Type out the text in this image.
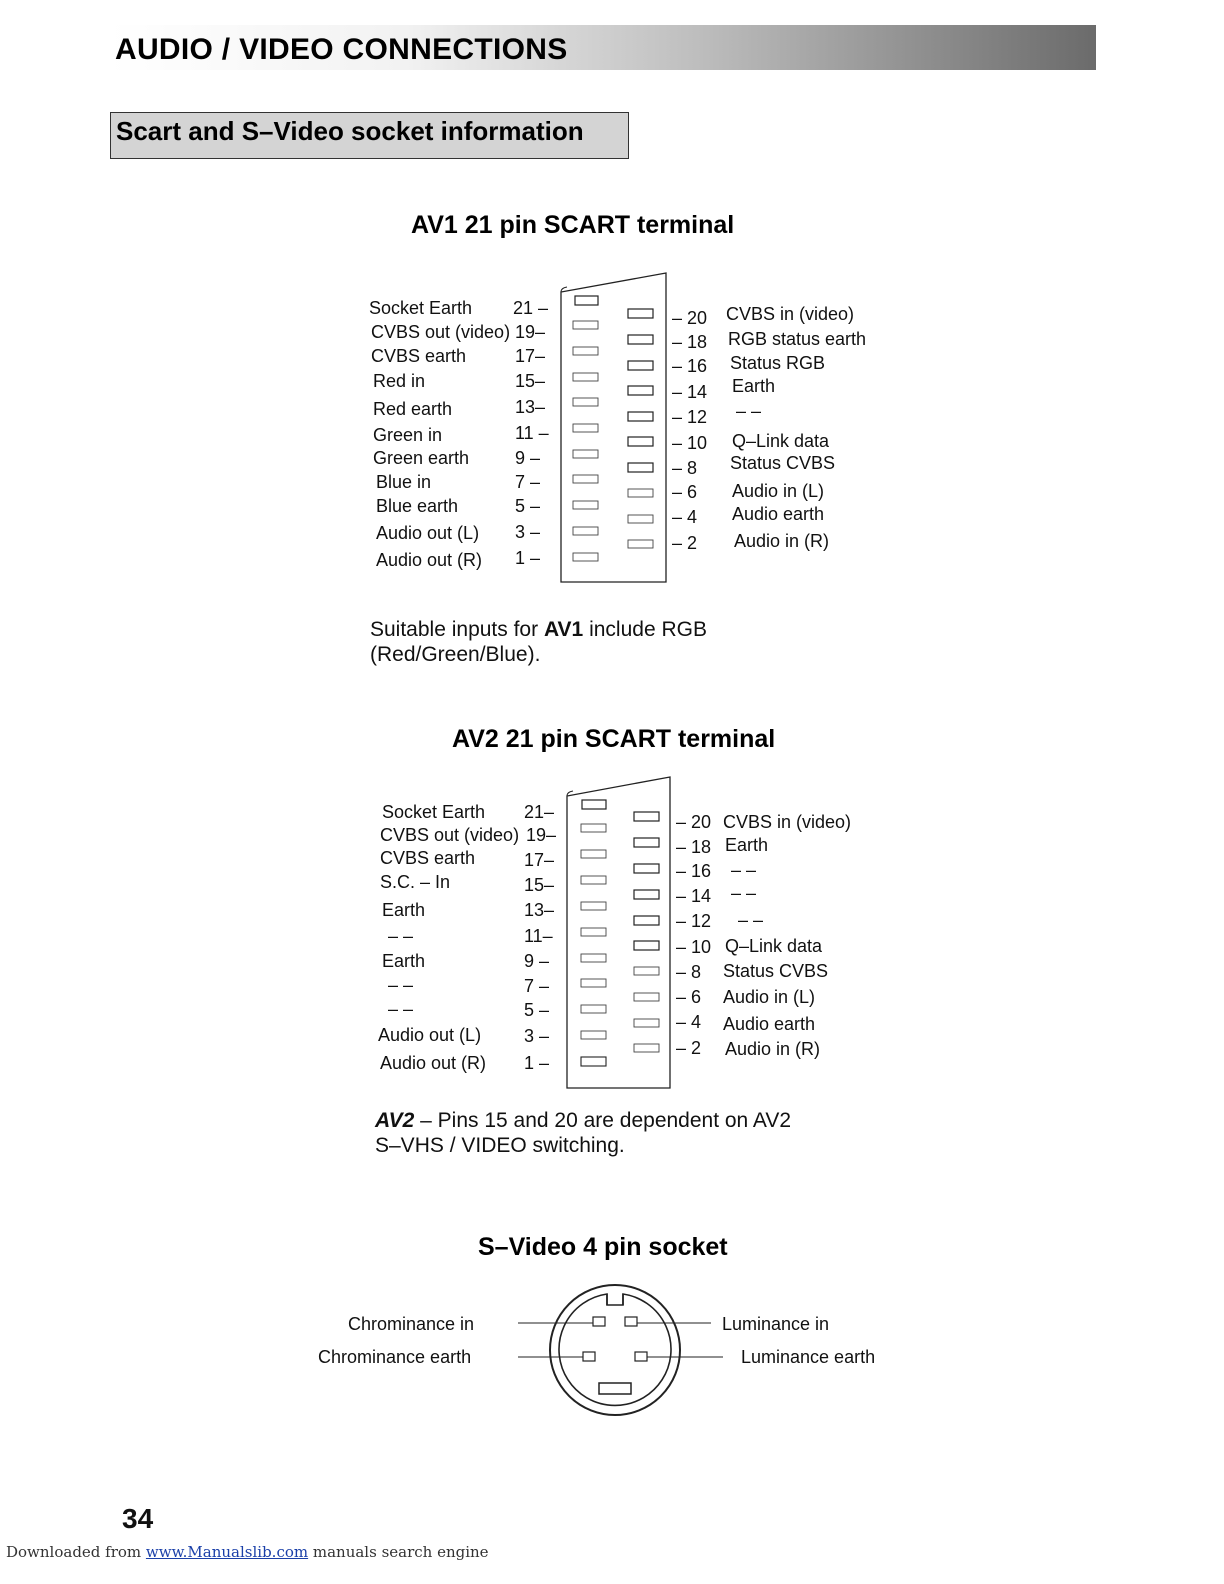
AUDIO / VIDEO CONNECTIONS
Scart and S–Video socket information
AV1 21 pin SCART terminal
Socket Earth
CVBS out (video)
CVBS earth
Red in
Red earth
Green in
Green earth
Blue in
Blue earth
Audio out (L)
Audio out (R)
21 –
19–
17–
15–
13–
11 –
9 –
7 –
5 –
3 –
1 –
– 20
– 18
– 16
– 14
– 12
– 10
– 8
– 6
– 4
– 2
CVBS in (video)
RGB status earth
Status RGB
Earth
– –
Q–Link data
Status CVBS
Audio in (L)
Audio earth
Audio in (R)
Suitable inputs for AV1 include RGB
(Red/Green/Blue).
AV2 21 pin SCART terminal
Socket Earth
CVBS out (video)
CVBS earth
S.C. – In
Earth
– –
Earth
– –
– –
Audio out (L)
Audio out (R)
21–
19–
17–
15–
13–
11–
9 –
7 –
5 –
3 –
1 –
– 20
– 18
– 16
– 14
– 12
– 10
– 8
– 6
– 4
– 2
CVBS in (video)
Earth
– –
– –
– –
Q–Link data
Status CVBS
Audio in (L)
Audio earth
Audio in (R)
AV2 – Pins 15 and 20 are dependent on AV2
S–VHS / VIDEO switching.
S–Video 4 pin socket
Chrominance in
Chrominance earth
Luminance in
Luminance earth
34
Downloaded from www.Manualslib.com manuals search engine
